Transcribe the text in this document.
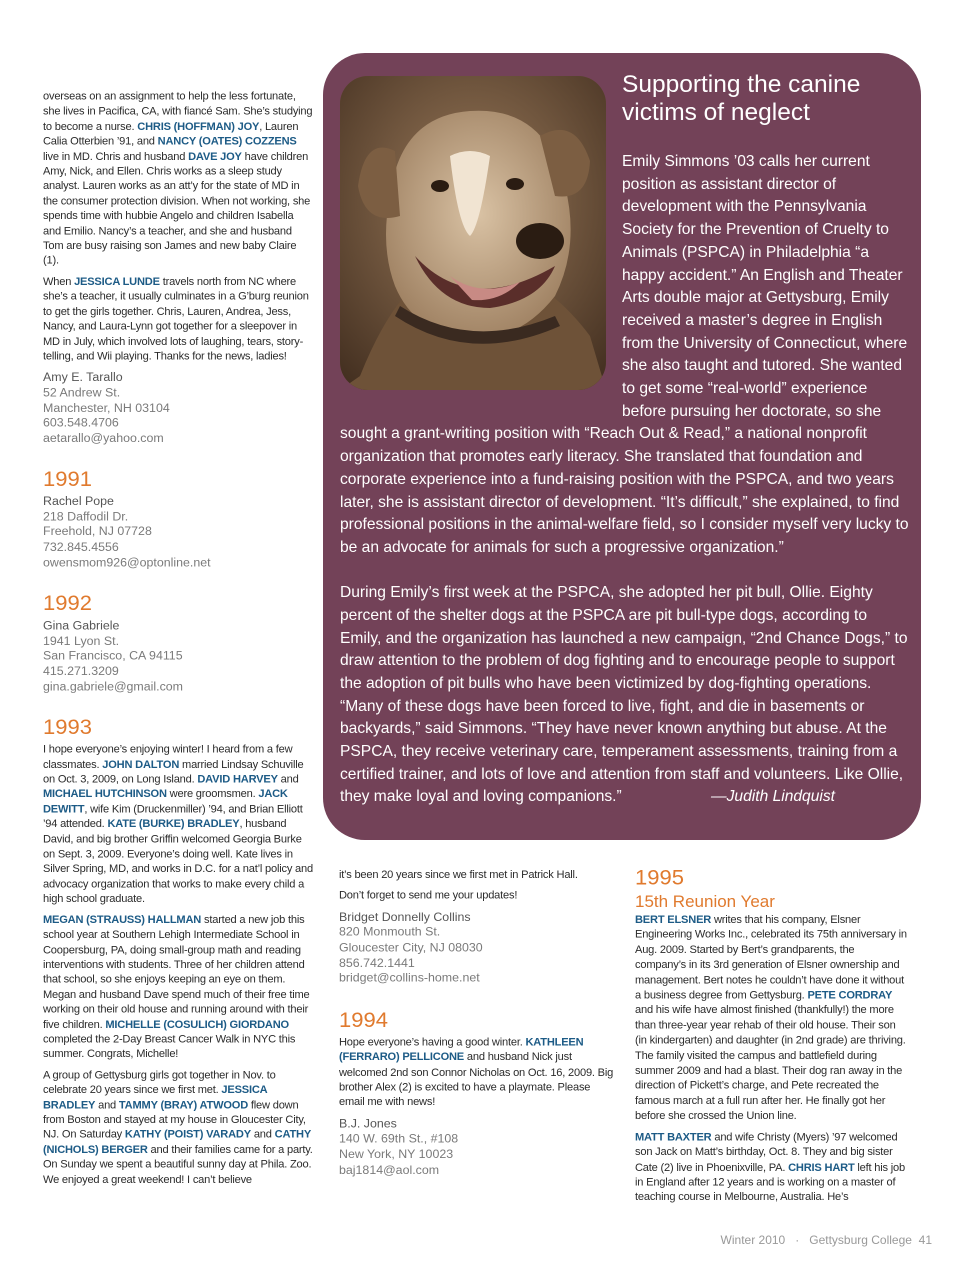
overseas on an assignment to help the less fortunate, she lives in Pacifica, CA, with fiancé Sam. She’s studying to become a nurse. CHRIS (HOFFMAN) JOY, Lauren Calia Otterbien ’91, and NANCY (OATES) COZZENS live in MD. Chris and husband DAVE JOY have children Amy, Nick, and Ellen. Chris works as a sleep study analyst. Lauren works as an att’y for the state of MD in the consumer protection division. When not working, she spends time with hubbie Angelo and children Isabella and Emilio. Nancy’s a teacher, and she and husband Tom are busy raising son James and new baby Claire (1).

When JESSICA LUNDE travels north from NC where she’s a teacher, it usually culminates in a G’burg reunion to get the girls together. Chris, Lauren, Andrea, Jess, Nancy, and Laura-Lynn got together for a sleepover in MD in July, which involved lots of laughing, tears, story-telling, and Wii playing. Thanks for the news, ladies!

Amy E. Tarallo
52 Andrew St.
Manchester, NH 03104
603.548.4706
aetarallo@yahoo.com
1991
Rachel Pope
218 Daffodil Dr.
Freehold, NJ 07728
732.845.4556
owensmom926@optonline.net
1992
Gina Gabriele
1941 Lyon St.
San Francisco, CA 94115
415.271.3209
gina.gabriele@gmail.com
1993

I hope everyone’s enjoying winter! I heard from a few classmates. JOHN DALTON married Lindsay Schuville on Oct. 3, 2009, on Long Island. DAVID HARVEY and MICHAEL HUTCHINSON were groomsmen. JACK DEWITT, wife Kim (Druckenmiller) ’94, and Brian Elliott ’94 attended. KATE (BURKE) BRADLEY, husband David, and big brother Griffin welcomed Georgia Burke on Sept. 3, 2009. Everyone’s doing well. Kate lives in Silver Spring, MD, and works in D.C. for a nat’l policy and advocacy organization that works to make every child a high school graduate.

MEGAN (STRAUSS) HALLMAN started a new job this school year at Southern Lehigh Intermediate School in Coopersburg, PA, doing small-group math and reading interventions with students. Three of her children attend that school, so she enjoys keeping an eye on them. Megan and husband Dave spend much of their free time working on their old house and running around with their five children. MICHELLE (COSULICH) GIORDANO completed the 2-Day Breast Cancer Walk in NYC this summer. Congrats, Michelle!

A group of Gettysburg girls got together in Nov. to celebrate 20 years since we first met. JESSICA BRADLEY and TAMMY (BRAY) ATWOOD flew down from Boston and stayed at my house in Gloucester City, NJ. On Saturday KATHY (POIST) VARADY and CATHY (NICHOLS) BERGER and their families came for a party. On Sunday we spent a beautiful sunny day at Phila. Zoo. We enjoyed a great weekend! I can’t believe

Supporting the canine victims of neglect

Emily Simmons ’03 calls her current position as assistant director of development with the Pennsylvania Society for the Prevention of Cruelty to Animals (PSPCA) in Philadelphia “a happy accident.” An English and Theater Arts double major at Gettysburg, Emily received a master’s degree in English from the University of Connecticut, where she also taught and tutored. She wanted to get some “real-world” experience before pursuing her doctorate, so she sought a grant-writing position with “Reach Out & Read,” a national nonprofit organization that promotes early literacy. She translated that foundation and corporate experience into a fund-raising position with the PSPCA, and two years later, she is assistant director of development. “It’s difficult,” she explained, to find professional positions in the animal-welfare field, so I consider myself very lucky to be an advocate for animals for such a progressive organization.”

During Emily’s first week at the PSPCA, she adopted her pit bull, Ollie. Eighty percent of the shelter dogs at the PSPCA are pit bull-type dogs, according to Emily, and the organization has launched a new campaign, “2nd Chance Dogs,” to draw attention to the problem of dog fighting and to encourage people to support the adoption of pit bulls who have been victimized by dog-fighting operations. “Many of these dogs have been forced to live, fight, and die in basements or backyards,” said Simmons. “They have never known anything but abuse. At the PSPCA, they receive veterinary care, temperament assessments, training from a certified trainer, and lots of love and attention from staff and volunteers. Like Ollie, they make loyal and loving companions.”	—Judith Lindquist

it’s been 20 years since we first met in Patrick Hall.

Don’t forget to send me your updates!

Bridget Donnelly Collins
820 Monmouth St.
Gloucester City, NJ 08030
856.742.1441
bridget@collins-home.net
1994

Hope everyone’s having a good winter. KATHLEEN (FERRARO) PELLICONE and husband Nick just welcomed 2nd son Connor Nicholas on Oct. 16, 2009. Big brother Alex (2) is excited to have a playmate. Please email me with news!

B.J. Jones
140 W. 69th St., #108
New York, NY 10023
baj1814@aol.com
1995
15th Reunion Year

BERT ELSNER writes that his company, Elsner Engineering Works Inc., celebrated its 75th anniversary in Aug. 2009. Started by Bert’s grandparents, the company’s in its 3rd generation of Elsner ownership and management. Bert notes he couldn’t have done it without a business degree from Gettysburg. PETE CORDRAY and his wife have almost finished (thankfully!) the more than three-year year rehab of their old house. Their son (in kindergarten) and daughter (in 2nd grade) are thriving. The family visited the campus and battlefield during summer 2009 and had a blast. Their dog ran away in the direction of Pickett’s charge, and Pete recreated the famous march at a full run after her. He finally got her before she crossed the Union line.

MATT BAXTER and wife Christy (Myers) ’97 welcomed son Jack on Matt’s birthday, Oct. 8. They and big sister Cate (2) live in Phoenixville, PA. CHRIS HART left his job in England after 12 years and is working on a master of teaching course in Melbourne, Australia. He’s

Winter 2010 · Gettysburg College 41
